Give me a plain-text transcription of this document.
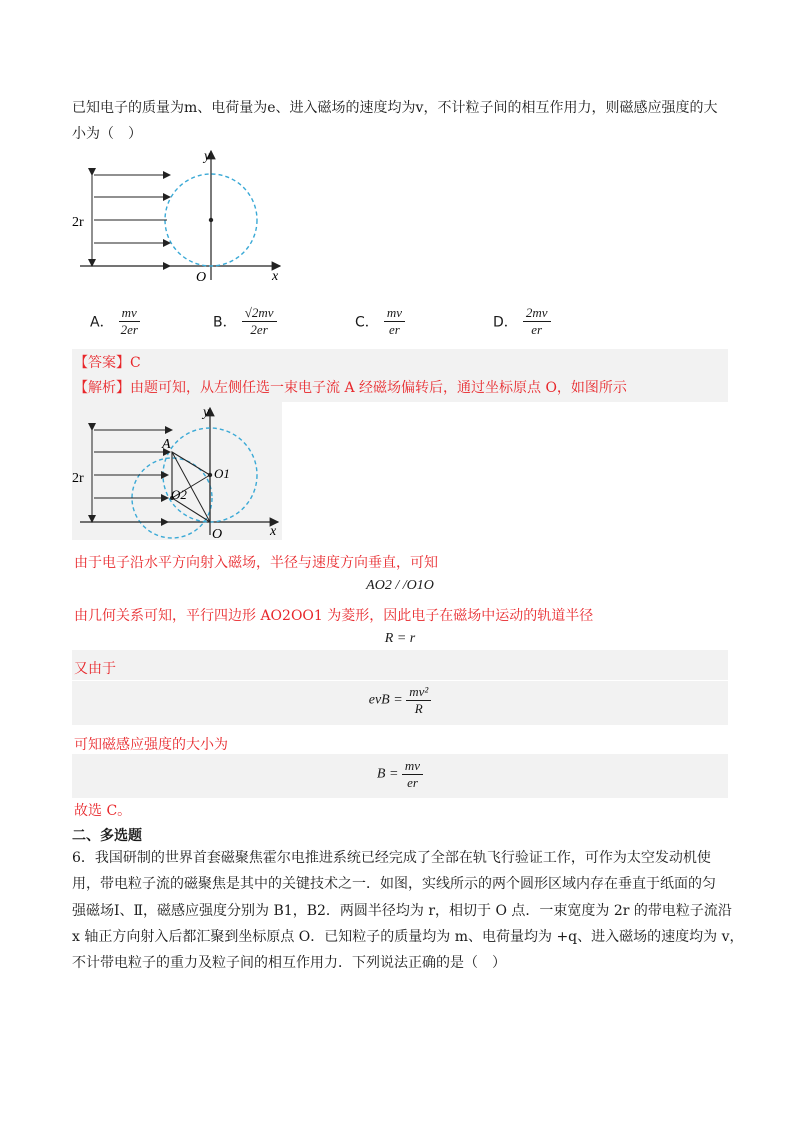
已知电子的质量为m、电荷量为e、进入磁场的速度均为v，不计粒子间的相互作用力，则磁感应强度的大
小为（　）
y
x
O
2r
A． $\frac{mv}{2er}$	B． $\frac{√2mv}{2er}$	C． $\frac{mv}{er}$	D． $\frac{2mv}{er}$
【答案】C
【解析】由题可知，从左侧任选一束电子流 A 经磁场偏转后，通过坐标原点 O，如图所示
y
x
O
A
O1
O2
2r
由于电子沿水平方向射入磁场，半径与速度方向垂直，可知
AO2 / /O1O
由几何关系可知，平行四边形 AO2OO1 为菱形，因此电子在磁场中运动的轨道半径
R = r
又由于
evB = $\frac{\text{mv²}}{R}$
可知磁感应强度的大小为
$B = \frac{mv}{er}$
故选 C。
二、多选题
6．我国研制的世界首套磁聚焦霍尔电推进系统已经完成了全部在轨飞行验证工作，可作为太空发动机使
用，带电粒子流的磁聚焦是其中的关键技术之一．如图，实线所示的两个圆形区域内存在垂直于纸面的匀
强磁场Ⅰ、Ⅱ，磁感应强度分别为 B1，B2．两圆半径均为 r，相切于 O 点．一束宽度为 2r 的带电粒子流沿
x 轴正方向射入后都汇聚到坐标原点 O．已知粒子的质量均为 m、电荷量均为 +q、进入磁场的速度均为 v，
不计带电粒子的重力及粒子间的相互作用力．下列说法正确的是（　）
